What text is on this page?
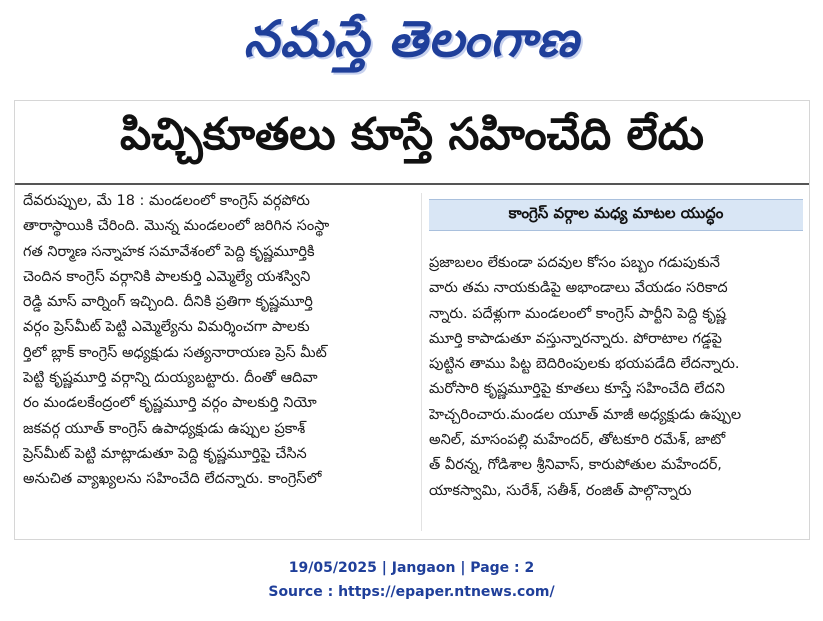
నమస్తే తెలంగాణ
పిచ్చికూతలు కూస్తే సహించేది లేదు
దేవరుప్పుల, మే 18 : మండలంలో కాంగ్రెస్ వర్గపోరు
తారాస్థాయికి చేరింది. మొన్న మండలంలో జరిగిన సంస్థా
గత నిర్మాణ సన్నాహక సమావేశంలో పెద్ది కృష్ణమూర్తికి
చెందిన కాంగ్రెస్ వర్గానికి పాలకుర్తి ఎమ్మెల్యే యశస్విని
రెడ్డి మాస్ వార్నింగ్ ఇచ్చింది. దీనికి ప్రతిగా కృష్ణమూర్తి
వర్గం ప్రెస్‌మీట్ పెట్టి ఎమ్మెల్యేను విమర్శించగా పాలకు
ర్తిలో బ్లాక్ కాంగ్రెస్ అధ్యక్షుడు సత్యనారాయణ ప్రెస్ మీట్
పెట్టి కృష్ణమూర్తి వర్గాన్ని దుయ్యబట్టారు. దీంతో ఆదివా
రం మండలకేంద్రంలో కృష్ణమూర్తి వర్గం పాలకుర్తి నియో
జకవర్గ యూత్ కాంగ్రెస్ ఉపాధ్యక్షుడు ఉప్పుల ప్రకాశ్
ప్రెస్‌మీట్ పెట్టి మాట్లాడుతూ పెద్ది కృష్ణమూర్తిపై చేసిన
అనుచిత వ్యాఖ్యలను సహించేది లేదన్నారు. కాంగ్రెస్‌లో
కాంగ్రెస్ వర్గాల మధ్య మాటల యుద్ధం
ప్రజాబలం లేకుండా పదవుల కోసం పబ్బం గడుపుకునే
వారు తమ నాయకుడిపై అభాండాలు వేయడం సరికాద
న్నారు. పదేళ్లుగా మండలంలో కాంగ్రెస్ పార్టీని పెద్ది కృష్ణ
మూర్తి కాపాడుతూ వస్తున్నారన్నారు. పోరాటాల గడ్డపై
పుట్టిన తాము పిట్ట బెదిరింపులకు భయపడేది లేదన్నారు.
మరోసారి కృష్ణమూర్తిపై కూతలు కూస్తే సహించేది లేదని
హెచ్చరించారు.మండల యూత్ మాజీ అధ్యక్షుడు ఉప్పుల
అనిల్, మాసంపల్లి మహేందర్, తోటకూరి రమేశ్, జాటో
త్ వీరన్న, గోడిశాల శ్రీనివాస్, కారుపోతుల మహేందర్,
యాకస్వామి, సురేశ్, సతీశ్, రంజిత్ పాల్గొన్నారు
19/05/2025 | Jangaon | Page : 2
Source : https://epaper.ntnews.com/
